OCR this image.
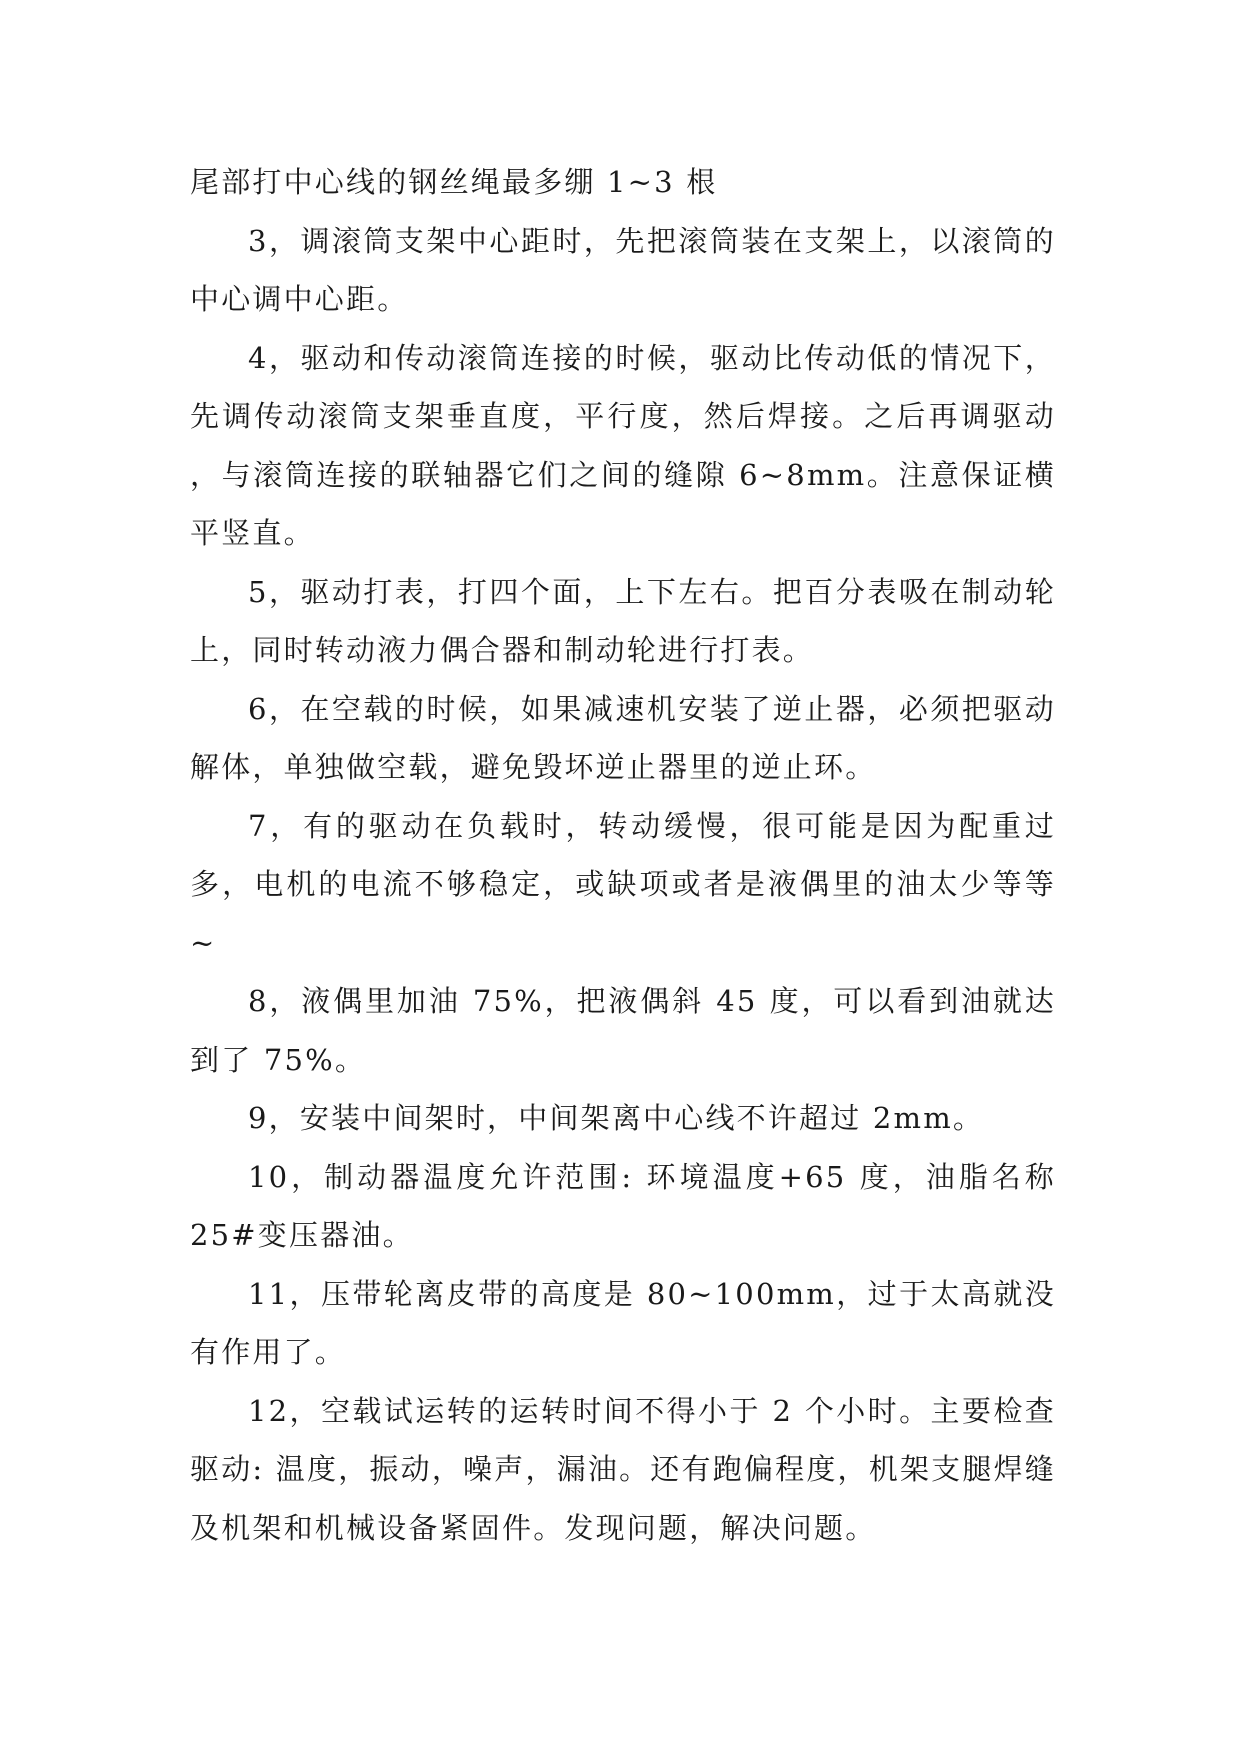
尾部打中心线的钢丝绳最多绷 1~3 根

3，调滚筒支架中心距时，先把滚筒装在支架上，以滚筒的中心调中心距。

4，驱动和传动滚筒连接的时候，驱动比传动低的情况下，先调传动滚筒支架垂直度，平行度，然后焊接。之后再调驱动 ，与滚筒连接的联轴器它们之间的缝隙 6~8mm。注意保证横平竖直。

5，驱动打表，打四个面，上下左右。把百分表吸在制动轮上，同时转动液力偶合器和制动轮进行打表。

6，在空载的时候，如果减速机安装了逆止器，必须把驱动解体，单独做空载，避免毁坏逆止器里的逆止环。

7，有的驱动在负载时，转动缓慢，很可能是因为配重过多，电机的电流不够稳定，或缺项或者是液偶里的油太少等等~

8，液偶里加油 75%，把液偶斜 45 度，可以看到油就达到了 75%。

9，安装中间架时，中间架离中心线不许超过 2mm。

10，制动器温度允许范围: 环境温度+65 度，油脂名称 25#变压器油。

11，压带轮离皮带的高度是 80~100mm，过于太高就没有作用了。

12，空载试运转的运转时间不得小于 2 个小时。主要检查驱动: 温度，振动，噪声，漏油。还有跑偏程度，机架支腿焊缝及机架和机械设备紧固件。发现问题，解决问题。
